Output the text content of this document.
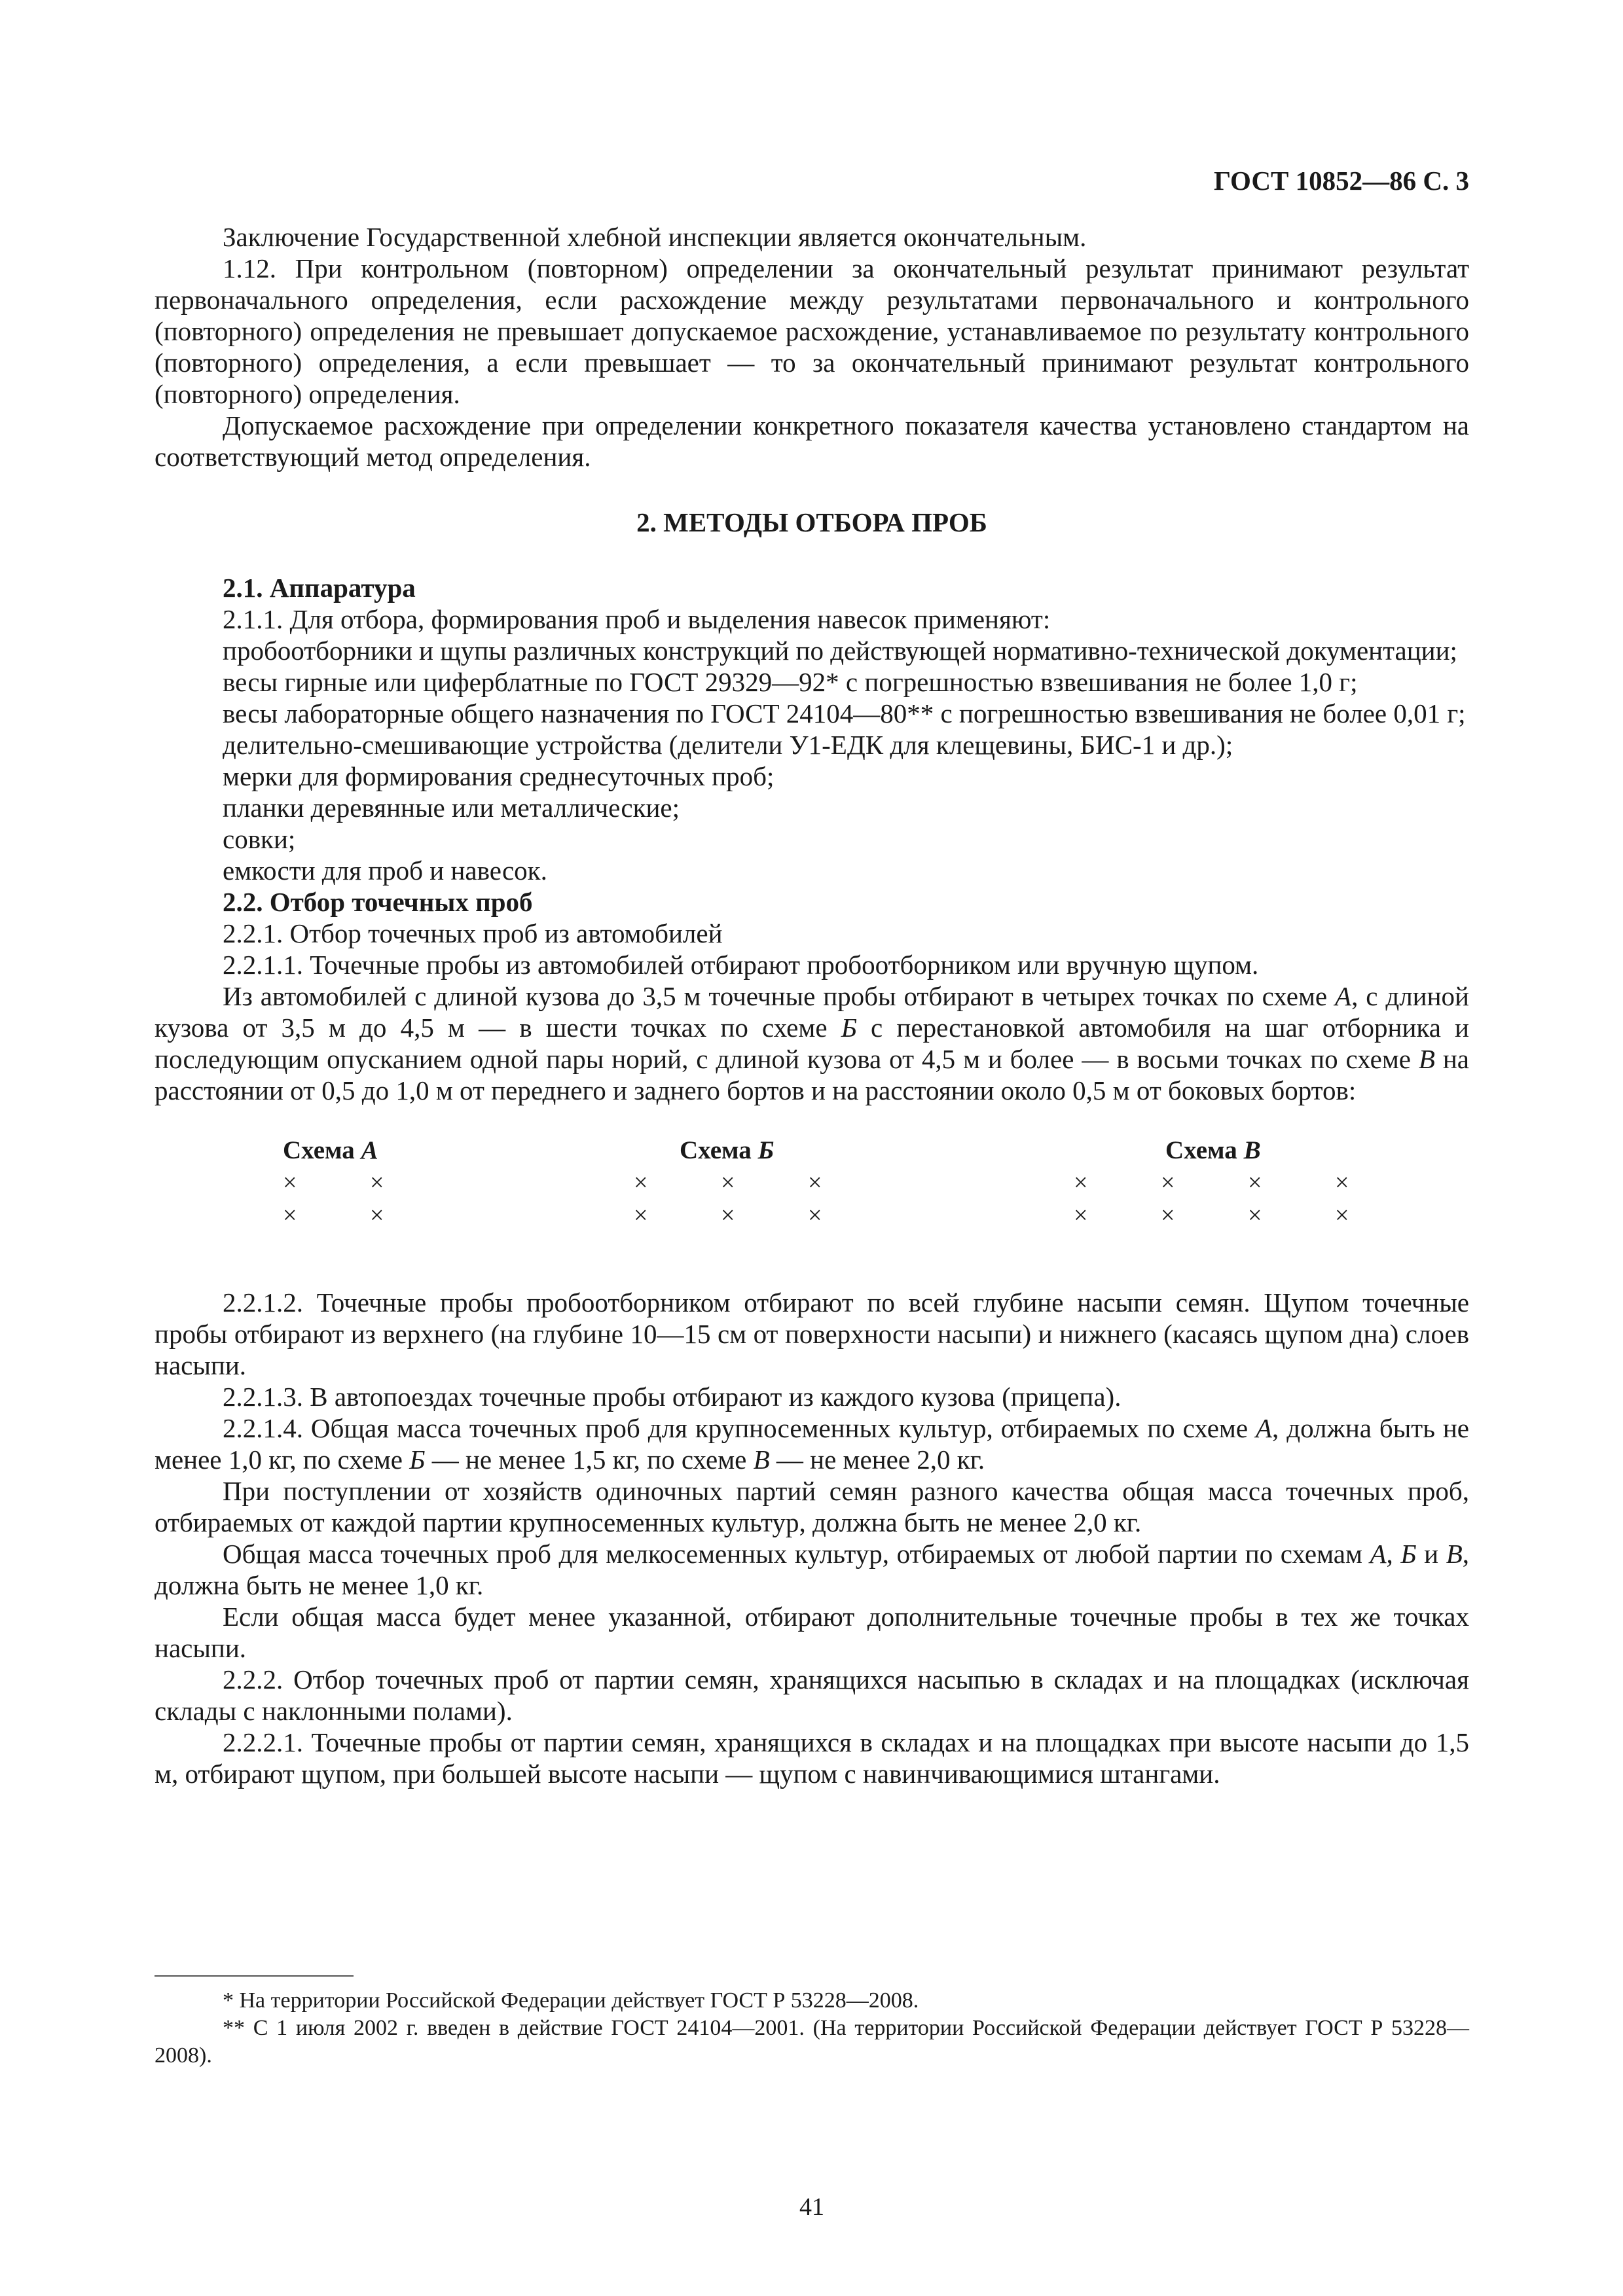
ГОСТ 10852—86 С. 3

Заключение Государственной хлебной инспекции является окончательным.

1.12. При контрольном (повторном) определении за окончательный результат принимают результат первоначального определения, если расхождение между результатами первоначального и контрольного (повторного) определения не превышает допускаемое расхождение, устанавливаемое по результату контрольного (повторного) определения, а если превышает — то за окончательный принимают результат контрольного (повторного) определения.

Допускаемое расхождение при определении конкретного показателя качества установлено стандартом на соответствующий метод определения.

2. МЕТОДЫ ОТБОРА ПРОБ

2.1. Аппаратура

2.1.1. Для отбора, формирования проб и выделения навесок применяют:

пробоотборники и щупы различных конструкций по действующей нормативно-технической документации;

весы гирные или циферблатные по ГОСТ 29329—92* с погрешностью взвешивания не более 1,0 г;

весы лабораторные общего назначения по ГОСТ 24104—80** с погрешностью взвешивания не более 0,01 г;

делительно-смешивающие устройства (делители У1-ЕДК для клещевины, БИС-1 и др.);

мерки для формирования среднесуточных проб;

планки деревянные или металлические;

совки;

емкости для проб и навесок.

2.2. Отбор точечных проб

2.2.1. Отбор точечных проб из автомобилей

2.2.1.1. Точечные пробы из автомобилей отбирают пробоотборником или вручную щупом.

Из автомобилей с длиной кузова до 3,5 м точечные пробы отбирают в четырех точках по схеме А, с длиной кузова от 3,5 м до 4,5 м — в шести точках по схеме Б с перестановкой автомобиля на шаг отборника и последующим опусканием одной пары норий, с длиной кузова от 4,5 м и более — в восьми точках по схеме В на расстоянии от 0,5 до 1,0 м от переднего и заднего бортов и на расстоянии около 0,5 м от боковых бортов:

Схема А
×	×
×	×
Схема Б
×	×	×
×	×	×
Схема В
×	×	×	×
×	×	×	×

2.2.1.2. Точечные пробы пробоотборником отбирают по всей глубине насыпи семян. Щупом точечные пробы отбирают из верхнего (на глубине 10—15 см от поверхности насыпи) и нижнего (касаясь щупом дна) слоев насыпи.

2.2.1.3. В автопоездах точечные пробы отбирают из каждого кузова (прицепа).

2.2.1.4. Общая масса точечных проб для крупносеменных культур, отбираемых по схеме А, должна быть не менее 1,0 кг, по схеме Б — не менее 1,5 кг, по схеме В — не менее 2,0 кг.

При поступлении от хозяйств одиночных партий семян разного качества общая масса точечных проб, отбираемых от каждой партии крупносеменных культур, должна быть не менее 2,0 кг.

Общая масса точечных проб для мелкосеменных культур, отбираемых от любой партии по схемам А, Б и В, должна быть не менее 1,0 кг.

Если общая масса будет менее указанной, отбирают дополнительные точечные пробы в тех же точках насыпи.

2.2.2. Отбор точечных проб от партии семян, хранящихся насыпью в складах и на площадках (исключая склады с наклонными полами).

2.2.2.1. Точечные пробы от партии семян, хранящихся в складах и на площадках при высоте насыпи до 1,5 м, отбирают щупом, при большей высоте насыпи — щупом с навинчивающимися штангами.

* На территории Российской Федерации действует ГОСТ Р 53228—2008.

** С 1 июля 2002 г. введен в действие ГОСТ 24104—2001. (На территории Российской Федерации действует ГОСТ Р 53228—2008).

41
